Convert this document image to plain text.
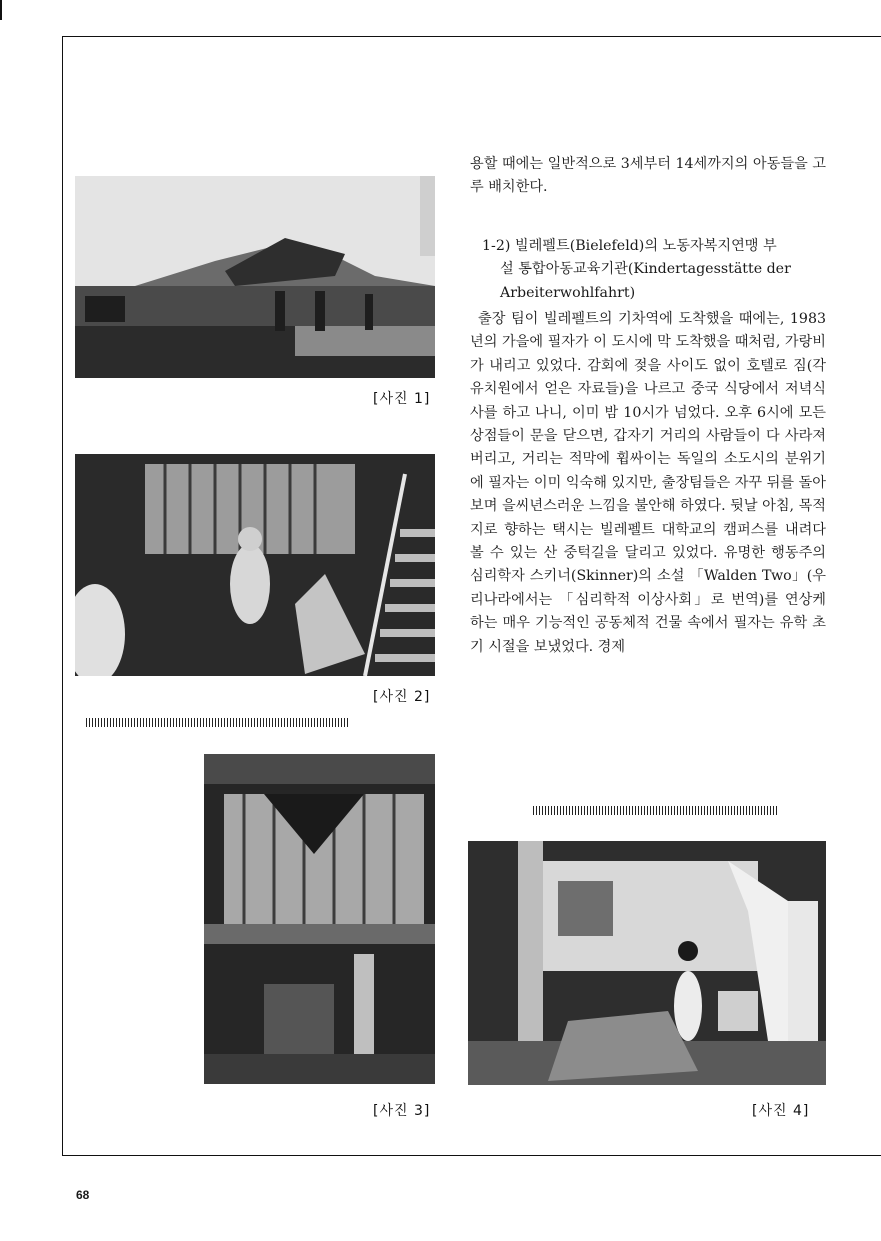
[사진 1]
[사진 2]
[사진 3]

용할 때에는 일반적으로 3세부터 14세까지의 아동들을 고루 배치한다.

1-2) 빌레펠트(Bielefeld)의 노동자복지연맹 부
설 통합아동교육기관(Kindertagesstätte der
Arbeiterwohlfahrt)

출장 팀이 빌레펠트의 기차역에 도착했을 때에는, 1983년의 가을에 필자가 이 도시에 막 도착했을 때처럼, 가랑비가 내리고 있었다. 감회에 젖을 사이도 없이 호텔로 짐(각 유치원에서 얻은 자료들)을 나르고 중국 식당에서 저녁식사를 하고 나니, 이미 밤 10시가 넘었다. 오후 6시에 모든 상점들이 문을 닫으면, 갑자기 거리의 사람들이 다 사라져 버리고, 거리는 적막에 휩싸이는 독일의 소도시의 분위기에 필자는 이미 익숙해 있지만, 출장팀들은 자꾸 뒤를 돌아보며 을씨년스러운 느낌을 불안해 하였다. 뒷날 아침, 목적지로 향하는 택시는 빌레펠트 대학교의 캠퍼스를 내려다 볼 수 있는 산 중턱길을 달리고 있었다. 유명한 행동주의 심리학자 스키너(Skinner)의 소설 「Walden Two」(우리나라에서는 「심리학적 이상사회」로 번역)를 연상케 하는 매우 기능적인 공동체적 건물 속에서 필자는 유학 초기 시절을 보냈었다. 경제

[사진 4]
68
